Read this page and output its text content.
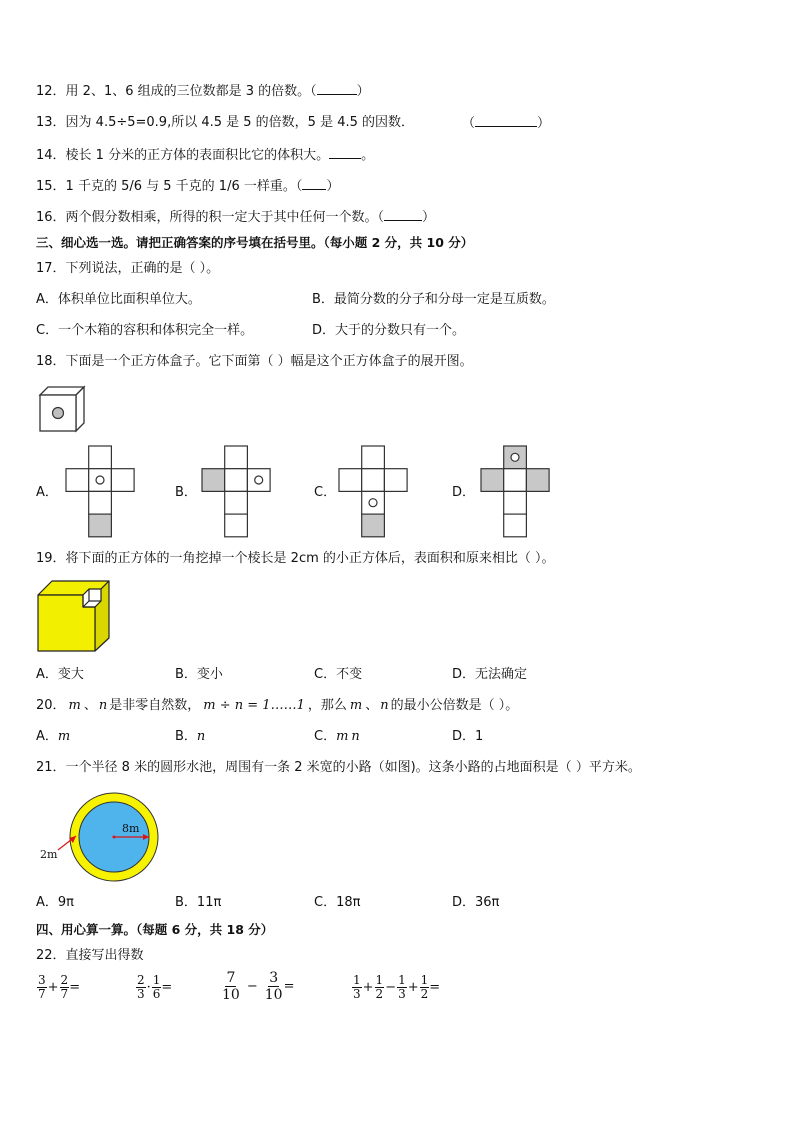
12．用 2、1、6 组成的三位数都是 3 的倍数。（	）
13．因为 4.5÷5=0.9,所以 4.5 是 5 的倍数，5 是 4.5 的因数．	（	）
14．棱长 1 分米的正方体的表面积比它的体积大。 。
15．1 千克的 5/6 与 5 千克的 1/6 一样重。（ ）
16．两个假分数相乘，所得的积一定大于其中任何一个数。（	）
三、细心选一选。请把正确答案的序号填在括号里。（每小题 2 分，共 10 分）
17．下列说法，正确的是（ ）。
A．体积单位比面积单位大。	B．最简分数的分子和分母一定是互质数。
C．一个木箱的容积和体积完全一样。	D．大于的分数只有一个。
18．下面是一个正方体盒子。它下面第（ ）幅是这个正方体盒子的展开图。
A．	B．	C．	D．
19．将下面的正方体的一角挖掉一个棱长是 2cm 的小正方体后，表面积和原来相比（ ）。
A．变大	B．变小	C．不变	D．无法确定
20． m 、 n 是非零自然数， m ÷ n = 1……1 ，那么 m 、 n 的最小公倍数是（ ）。
A．m	B．n	C．mn	D．1
21．一个半径 8 米的圆形水池，周围有一条 2 米宽的小路（如图)。这条小路的占地面积是（ ）平方米。
8m
2m
A．9π	B．11π	C．18π	D．36π
四、用心算一算。（每题 6 分，共 18 分）
22．直接写出得数
$\frac{3}{7} + \frac{2}{7}$ =	$\frac{2}{3} \cdot \frac{1}{6}$ =	$\frac{7}{10} - \frac{3}{10}$ =	$\frac{1}{3} + \frac{1}{2} - \frac{1}{3} + \frac{1}{2}$ =
